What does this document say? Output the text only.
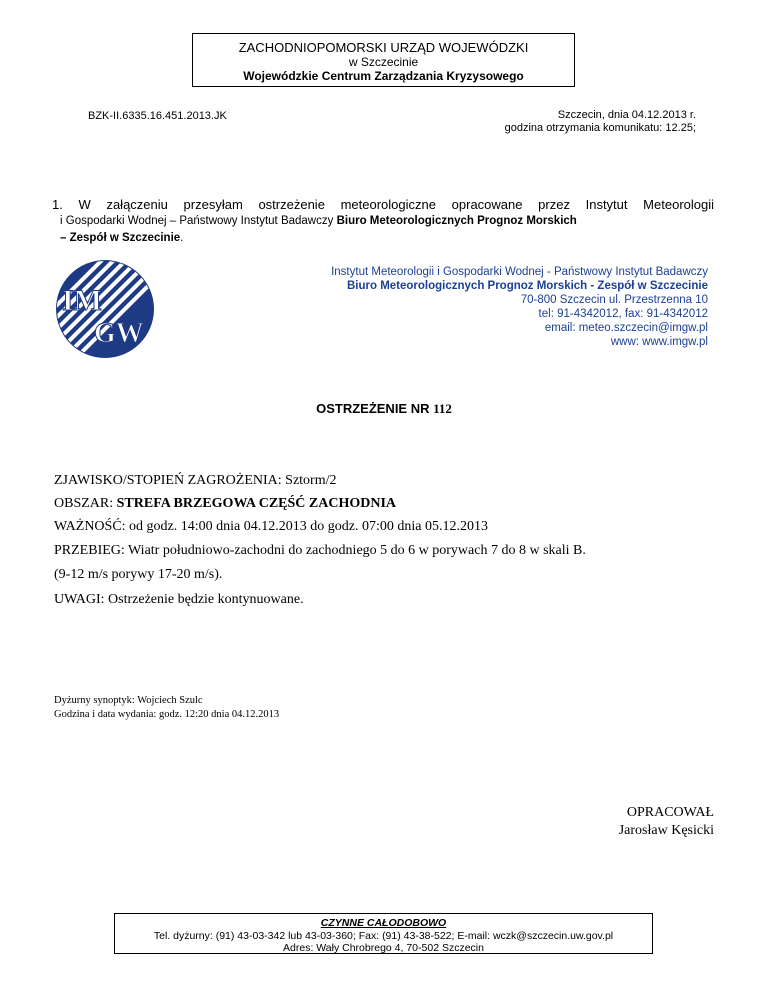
ZACHODNIOPOMORSKI URZĄD WOJEWÓDZKI
w Szczecinie
Wojewódzkie Centrum Zarządzania Kryzysowego
BZK-II.6335.16.451.2013.JK	Szczecin, dnia 04.12.2013 r.
godzina otrzymania komunikatu: 12.25;
1. W załączeniu przesyłam ostrzeżenie meteorologiczne opracowane przez Instytut Meteorologii
i Gospodarki Wodnej – Państwowy Instytut Badawczy Biuro Meteorologicznych Prognoz Morskich
– Zespół w Szczecinie.
IM
GW
Instytut Meteorologii i Gospodarki Wodnej - Państwowy Instytut Badawczy
Biuro Meteorologicznych Prognoz Morskich - Zespół w Szczecinie
70-800 Szczecin ul. Przestrzenna 10
tel: 91-4342012, fax: 91-4342012
email: meteo.szczecin@imgw.pl
www: www.imgw.pl
OSTRZEŻENIE NR 112
ZJAWISKO/STOPIEŃ ZAGROŻENIA: Sztorm/2
OBSZAR: STREFA BRZEGOWA CZĘŚĆ ZACHODNIA
WAŻNOŚĆ: od godz. 14:00 dnia 04.12.2013 do godz. 07:00 dnia 05.12.2013
PRZEBIEG: Wiatr południowo-zachodni do zachodniego 5 do 6 w porywach 7 do 8 w skali B.
(9-12 m/s porywy 17-20 m/s).
UWAGI: Ostrzeżenie będzie kontynuowane.
Dyżurny synoptyk: Wojciech Szulc
Godzina i data wydania: godz. 12:20 dnia 04.12.2013
OPRACOWAŁ
Jarosław Kęsicki
CZYNNE CAŁODOBOWO
Tel. dyżurny: (91) 43-03-342 lub 43-03-360; Fax: (91) 43-38-522; E-mail: wczk@szczecin.uw.gov.pl
Adres: Wały Chrobrego 4, 70-502 Szczecin
